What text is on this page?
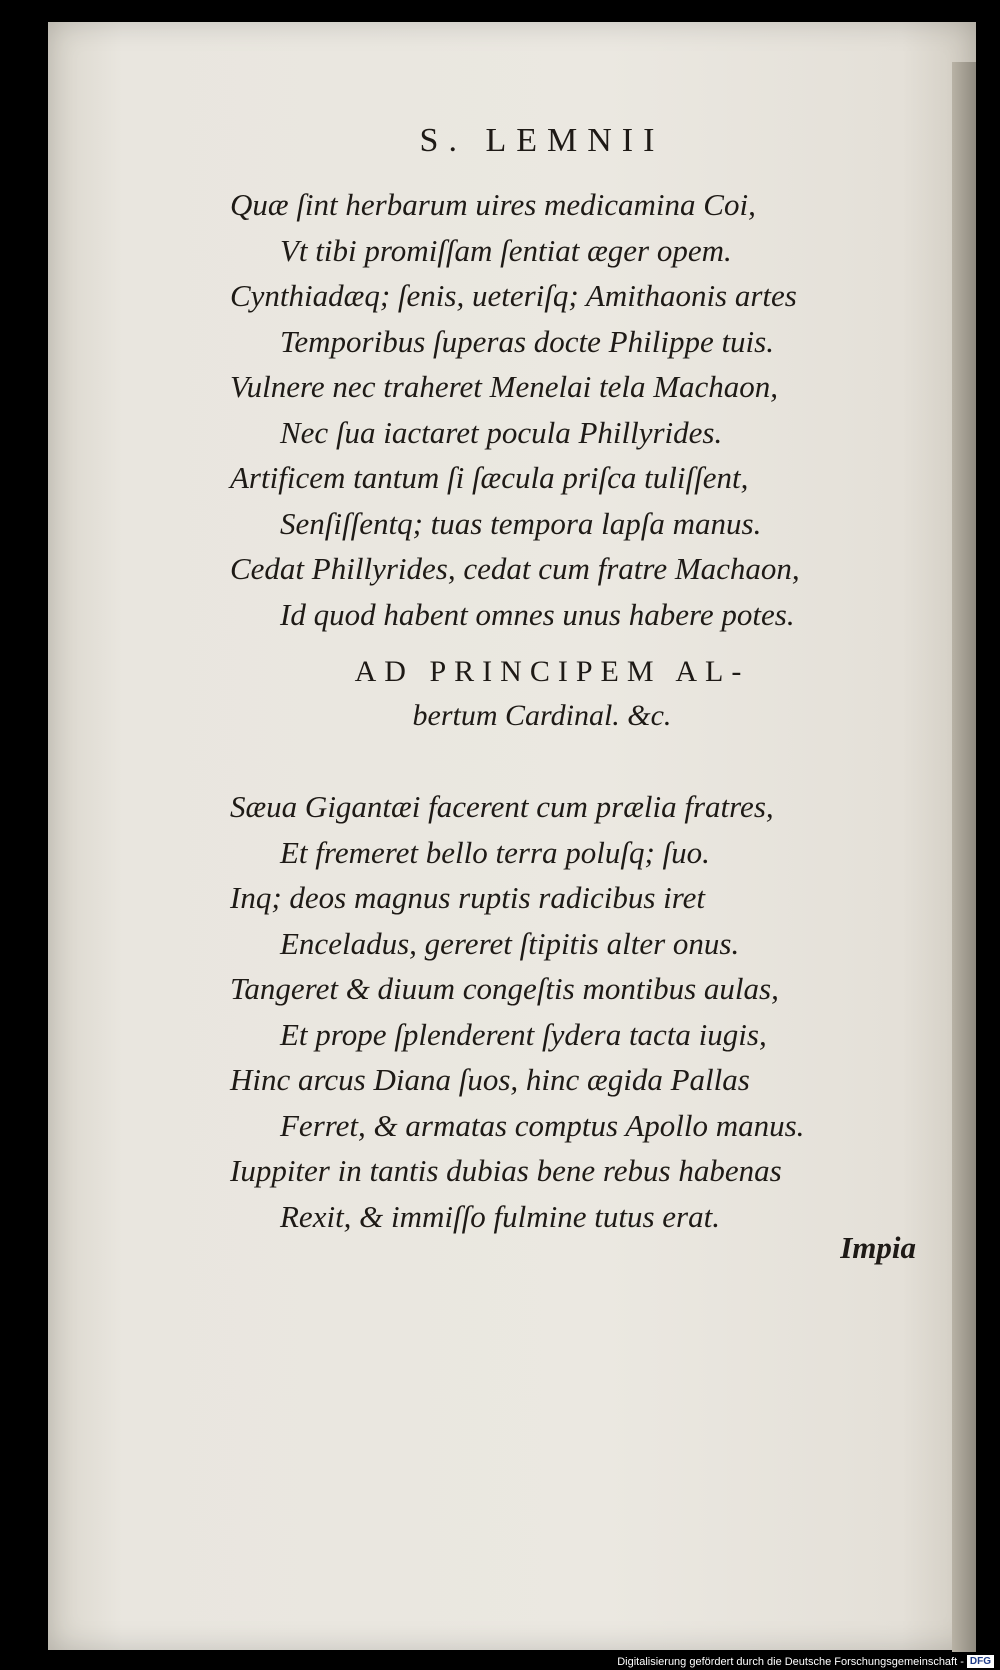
S. LEMNII
Quæ ſint herbarum uires medicamina Coi,
Vt tibi promiſſam ſentiat æger opem.
Cynthiadæq; ſenis, ueteriſq; Amithaonis artes
Temporibus ſuperas docte Philippe tuis.
Vulnere nec traheret Menelai tela Machaon,
Nec ſua iactaret pocula Phillyrides.
Artificem tantum ſi ſæcula priſca tuliſſent,
Senſiſſentq; tuas tempora lapſa manus.
Cedat Phillyrides, cedat cum fratre Machaon,
Id quod habent omnes unus habere potes.
AD PRINCIPEM AL-
bertum Cardinal. &c.
Sæua Gigantæi facerent cum prælia fratres,
Et fremeret bello terra poluſq; ſuo.
Inq; deos magnus ruptis radicibus iret
Enceladus, gereret ſtipitis alter onus.
Tangeret & diuum congeſtis montibus aulas,
Et prope ſplenderent ſydera tacta iugis,
Hinc arcus Diana ſuos, hinc ægida Pallas
Ferret, & armatas comptus Apollo manus.
Iuppiter in tantis dubias bene rebus habenas
Rexit, & immiſſo fulmine tutus erat.
Impia
Digitalisierung gefördert durch die Deutsche Forschungsgemeinschaft - DFG
